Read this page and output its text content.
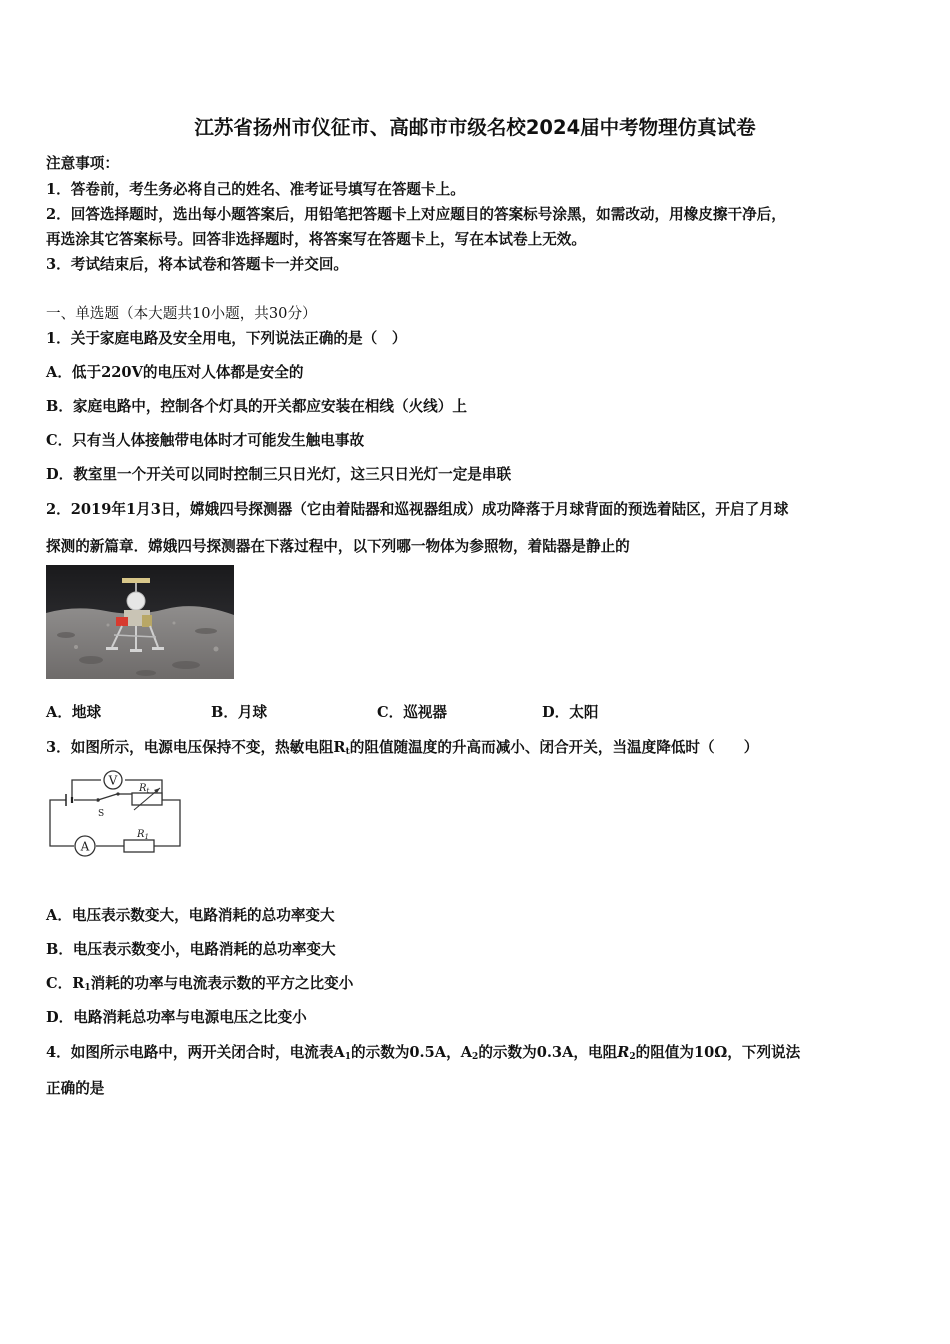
江苏省扬州市仪征市、高邮市市级名校2024届中考物理仿真试卷
注意事项：
1．答卷前，考生务必将自己的姓名、准考证号填写在答题卡上。
2．回答选择题时，选出每小题答案后，用铅笔把答题卡上对应题目的答案标号涂黑，如需改动，用橡皮擦干净后，
再选涂其它答案标号。回答非选择题时，将答案写在答题卡上，写在本试卷上无效。
3．考试结束后，将本试卷和答题卡一并交回。
一、单选题（本大题共10小题，共30分）
1．关于家庭电路及安全用电，下列说法正确的是（　）
A．低于220V的电压对人体都是安全的
B．家庭电路中，控制各个灯具的开关都应安装在相线（火线）上
C．只有当人体接触带电体时才可能发生触电事故
D．教室里一个开关可以同时控制三只日光灯，这三只日光灯一定是串联
2．2019年1月3日，嫦娥四号探测器（它由着陆器和巡视器组成）成功降落于月球背面的预选着陆区，开启了月球
探测的新篇章．嫦娥四号探测器在下落过程中，以下列哪一物体为参照物，着陆器是静止的
A．地球	B．月球	C．巡视器	D．太阳
3．如图所示，电源电压保持不变，热敏电阻$R_t$的阻值随温度的升高而减小、闭合开关，当温度降低时（　　）
V
A
S
$R_t$
$R_1$
A．电压表示数变大，电路消耗的总功率变大
B．电压表示数变小，电路消耗的总功率变大
C．$R_1$消耗的功率与电流表示数的平方之比变小
D．电路消耗总功率与电源电压之比变小
4．如图所示电路中，两开关闭合时，电流表$A_1$的示数为0.5A，$A_2$的示数为0.3A，电阻$R_2$的阻值为10Ω，下列说法
正确的是
